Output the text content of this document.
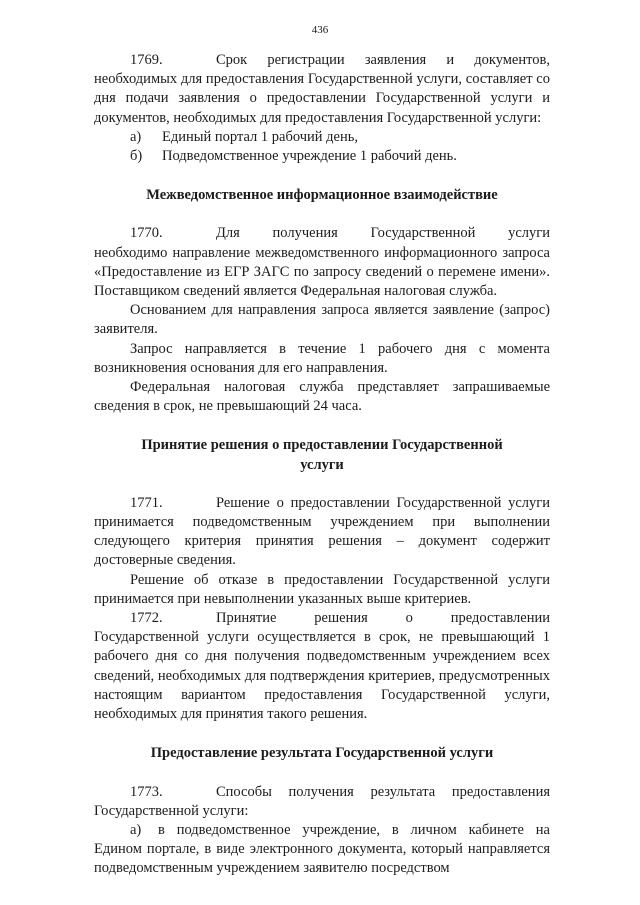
436

1769.	Срок регистрации заявления и документов,

необходимых для предоставления Государственной услуги, составляет со дня подачи заявления о предоставлении Государственной услуги и документов, необходимых для предоставления Государственной услуги:

а)	Единый портал 1 рабочий день,
б)	Подведомственное учреждение 1 рабочий день.

Межведомственное информационное взаимодействие

1770.	Для получения Государственной услуги

необходимо направление межведомственного информационного запроса «Предоставление из ЕГР ЗАГС по запросу сведений о перемене имени». Поставщиком сведений является Федеральная налоговая служба.

Основанием для направления запроса является заявление (запрос) заявителя.

Запрос направляется в течение 1 рабочего дня с момента возникновения основания для его направления.

Федеральная налоговая служба представляет запрашиваемые сведения в срок, не превышающий 24 часа.

Принятие решения о предоставлении Государственной

услуги

1771.	Решение о предоставлении Государственной услуги

принимается подведомственным учреждением при выполнении следующего критерия принятия решения – документ содержит достоверные сведения.

Решение об отказе в предоставлении Государственной услуги принимается при невыполнении указанных выше критериев.

1772.	Принятие решения о предоставлении

Государственной услуги осуществляется в срок, не превышающий 1 рабочего дня со дня получения подведомственным учреждением всех сведений, необходимых для подтверждения критериев, предусмотренных настоящим вариантом предоставления Государственной услуги, необходимых для принятия такого решения.

Предоставление результата Государственной услуги

1773.	Способы получения результата предоставления

Государственной услуги:

а) в подведомственное учреждение, в личном кабинете на

Едином портале, в виде электронного документа, который направляется подведомственным учреждением заявителю посредством
